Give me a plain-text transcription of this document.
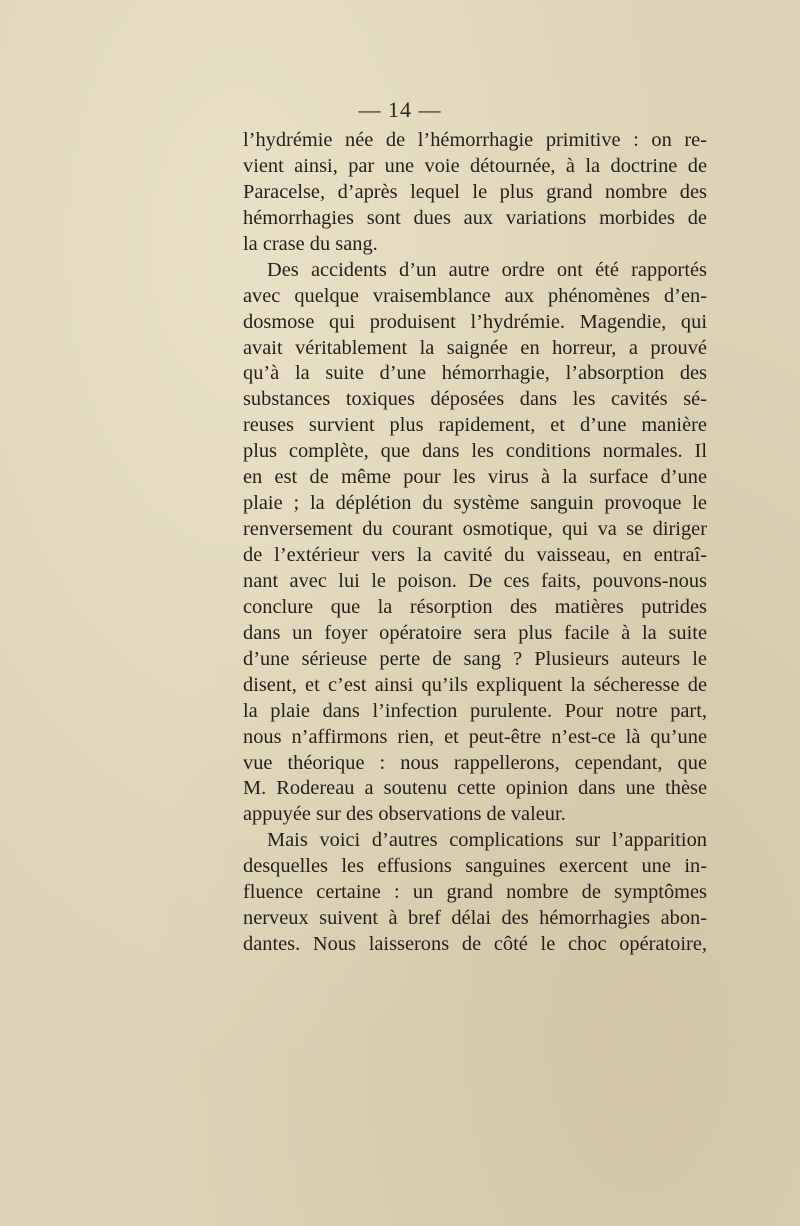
— 14 —
l’hydrémie née de l’hémorrhagie primitive : on re-
vient ainsi, par une voie détournée, à la doctrine de
Paracelse, d’après lequel le plus grand nombre des
hémorrhagies sont dues aux variations morbides de
la crase du sang.
Des accidents d’un autre ordre ont été rapportés
avec quelque vraisemblance aux phénomènes d’en-
dosmose qui produisent l’hydrémie. Magendie, qui
avait véritablement la saignée en horreur, a prouvé
qu’à la suite d’une hémorrhagie, l’absorption des
substances toxiques déposées dans les cavités sé-
reuses survient plus rapidement, et d’une manière
plus complète, que dans les conditions normales. Il
en est de même pour les virus à la surface d’une
plaie ; la déplétion du système sanguin provoque le
renversement du courant osmotique, qui va se diriger
de l’extérieur vers la cavité du vaisseau, en entraî-
nant avec lui le poison. De ces faits, pouvons-nous
conclure que la résorption des matières putrides
dans un foyer opératoire sera plus facile à la suite
d’une sérieuse perte de sang ? Plusieurs auteurs le
disent, et c’est ainsi qu’ils expliquent la sécheresse de
la plaie dans l’infection purulente. Pour notre part,
nous n’affirmons rien, et peut-être n’est-ce là qu’une
vue théorique : nous rappellerons, cependant, que
M. Rodereau a soutenu cette opinion dans une thèse
appuyée sur des observations de valeur.
Mais voici d’autres complications sur l’apparition
desquelles les effusions sanguines exercent une in-
fluence certaine : un grand nombre de symptômes
nerveux suivent à bref délai des hémorrhagies abon-
dantes. Nous laisserons de côté le choc opératoire,
